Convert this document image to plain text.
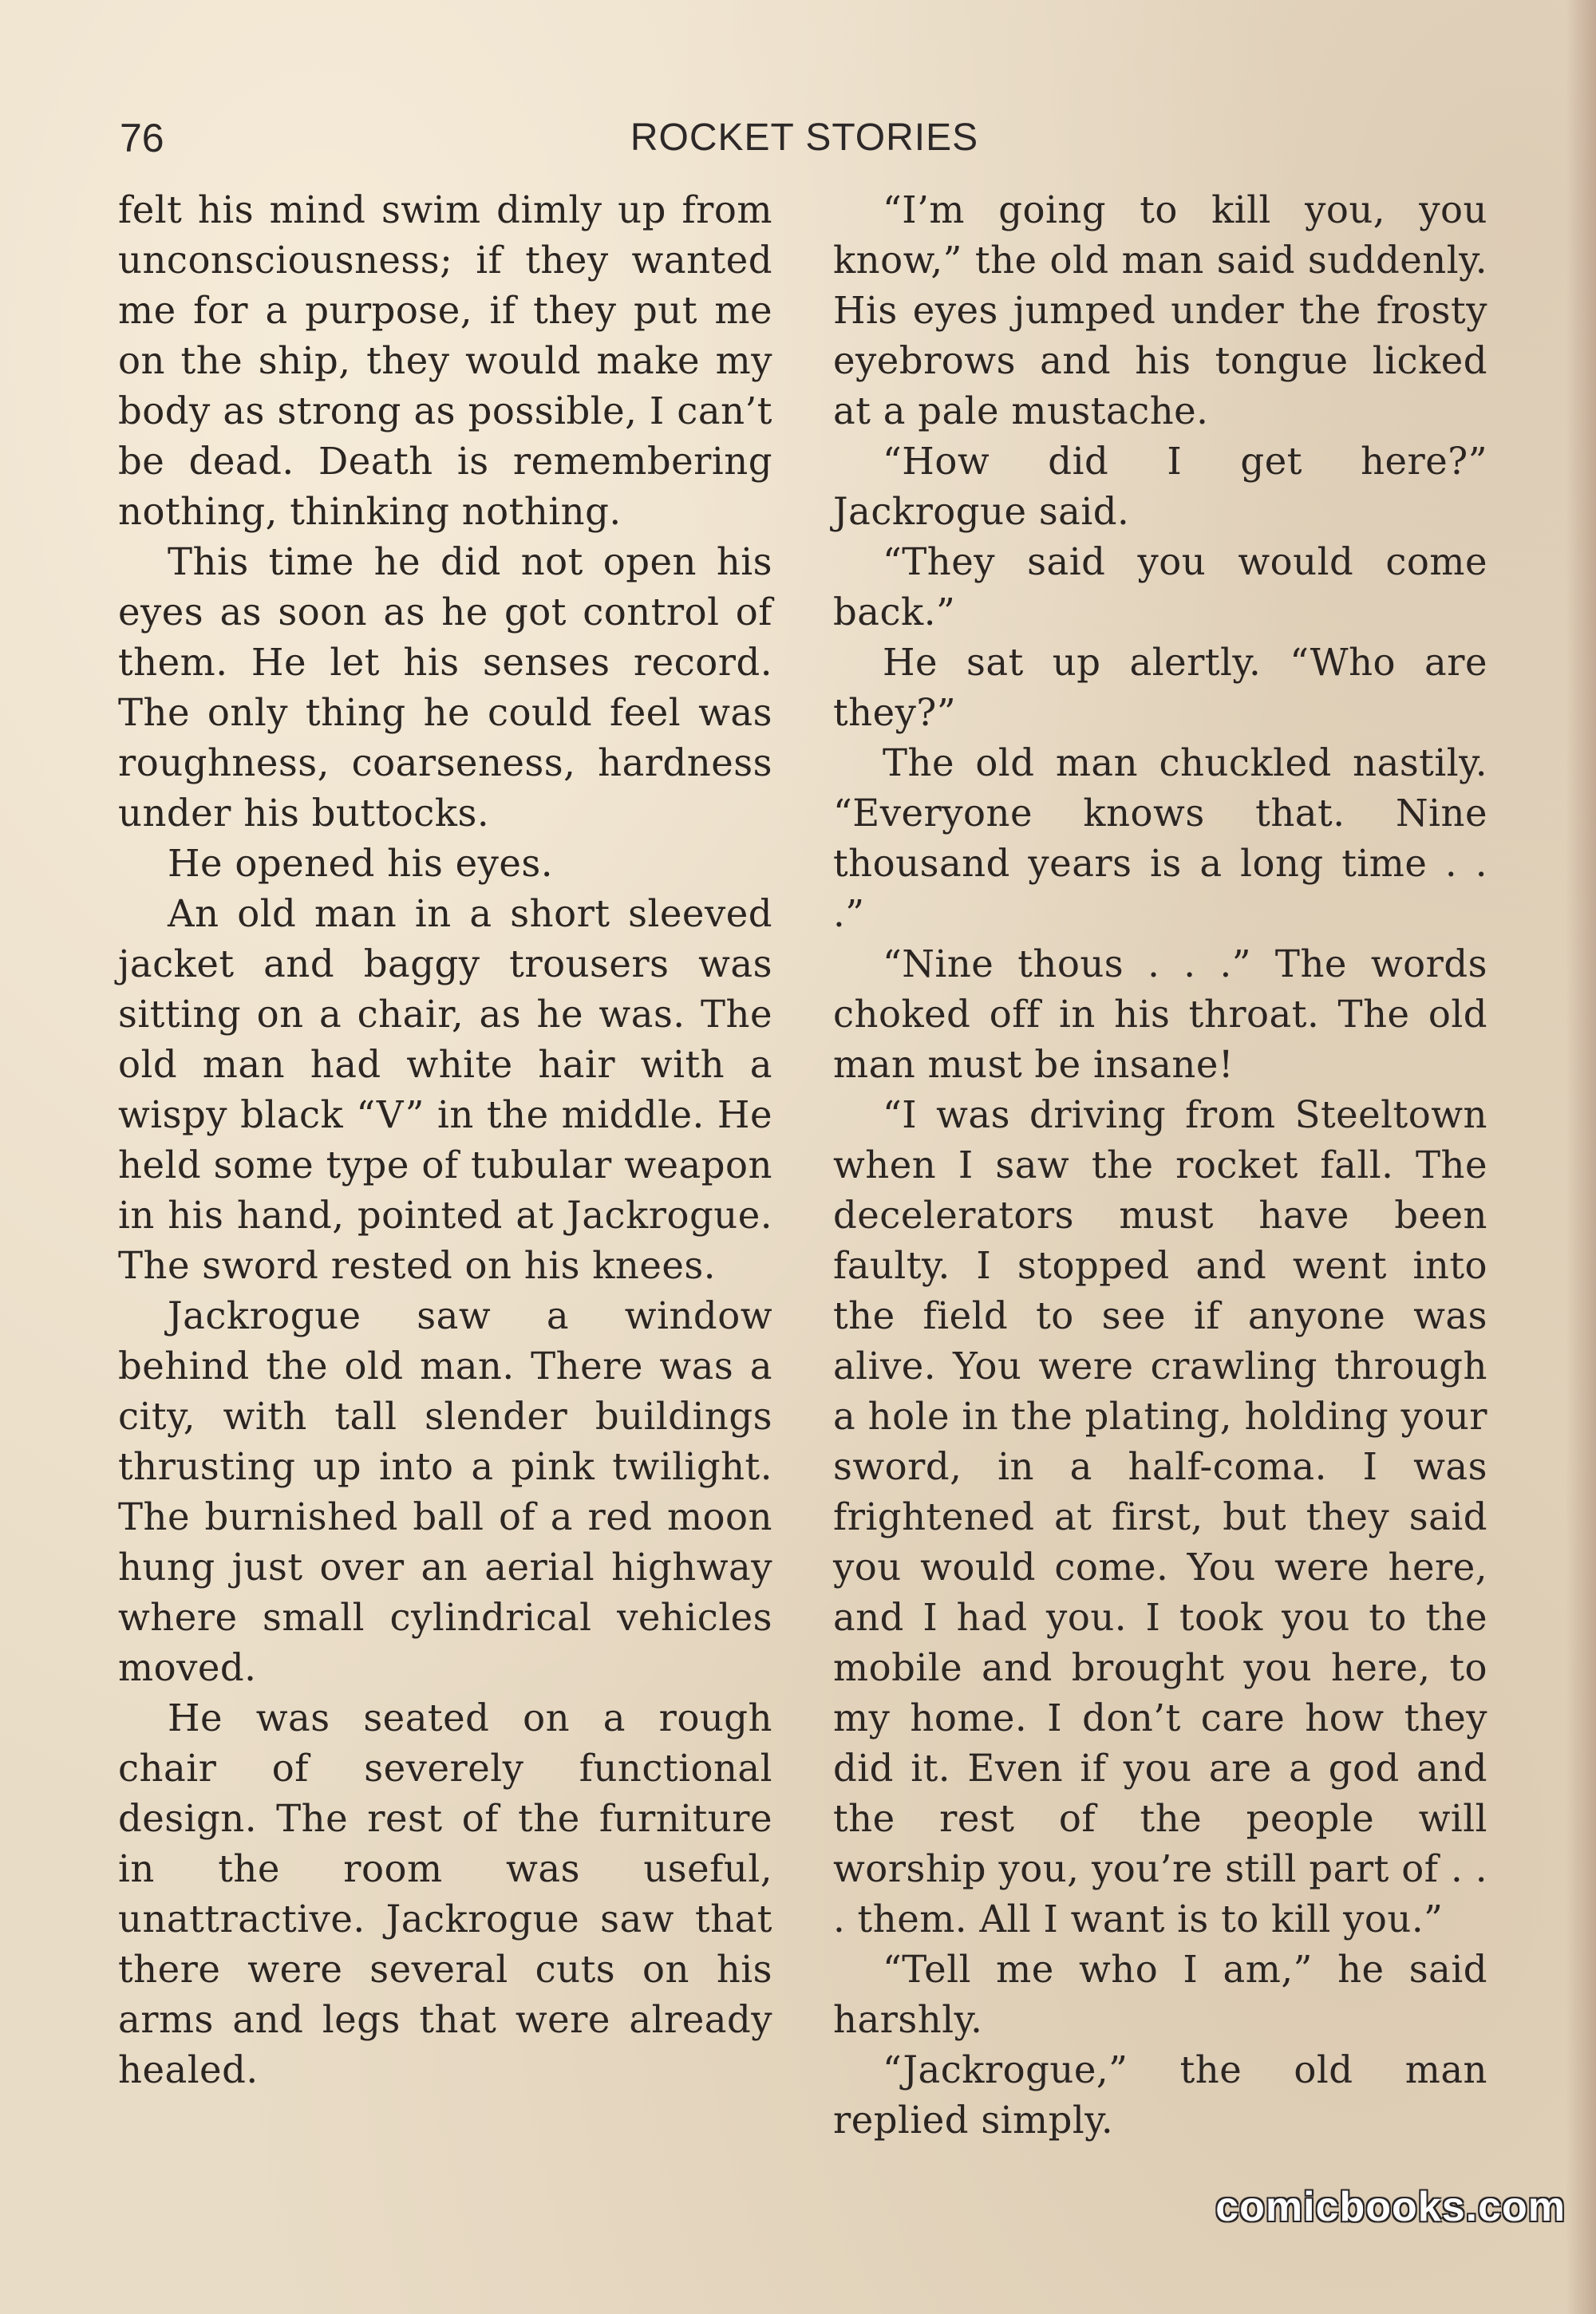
76	ROCKET STORIES

felt his mind swim dimly up from unconsciousness; if they wanted me for a purpose, if they put me on the ship, they would make my body as strong as possible, I can’t be dead. Death is remembering nothing, thinking nothing.

This time he did not open his eyes as soon as he got control of them. He let his senses record. The only thing he could feel was roughness, coarseness, hardness under his buttocks.

He opened his eyes.

An old man in a short sleeved jacket and baggy trousers was sitting on a chair, as he was. The old man had white hair with a wispy black “V” in the middle. He held some type of tubular weapon in his hand, pointed at Jackrogue. The sword rested on his knees.

Jackrogue saw a window behind the old man. There was a city, with tall slender buildings thrusting up into a pink twilight. The burnished ball of a red moon hung just over an aerial highway where small cylindrical vehicles moved.

He was seated on a rough chair of severely functional design. The rest of the furniture in the room was useful, unattractive. Jackrogue saw that there were several cuts on his arms and legs that were already healed.

“I’m going to kill you, you know,” the old man said suddenly. His eyes jumped under the frosty eyebrows and his tongue licked at a pale mustache.

“How did I get here?” Jackrogue said.

“They said you would come back.”

He sat up alertly. “Who are they?”

The old man chuckled nastily. “Everyone knows that. Nine thousand years is a long time . . .”

“Nine thous . . .” The words choked off in his throat. The old man must be insane!

“I was driving from Steeltown when I saw the rocket fall. The decelerators must have been faulty. I stopped and went into the field to see if anyone was alive. You were crawling through a hole in the plating, holding your sword, in a half-coma. I was frightened at first, but they said you would come. You were here, and I had you. I took you to the mobile and brought you here, to my home. I don’t care how they did it. Even if you are a god and the rest of the people will worship you, you’re still part of . . . them. All I want is to kill you.”

“Tell me who I am,” he said harshly.

“Jackrogue,” the old man replied simply.

comicbooks.com
